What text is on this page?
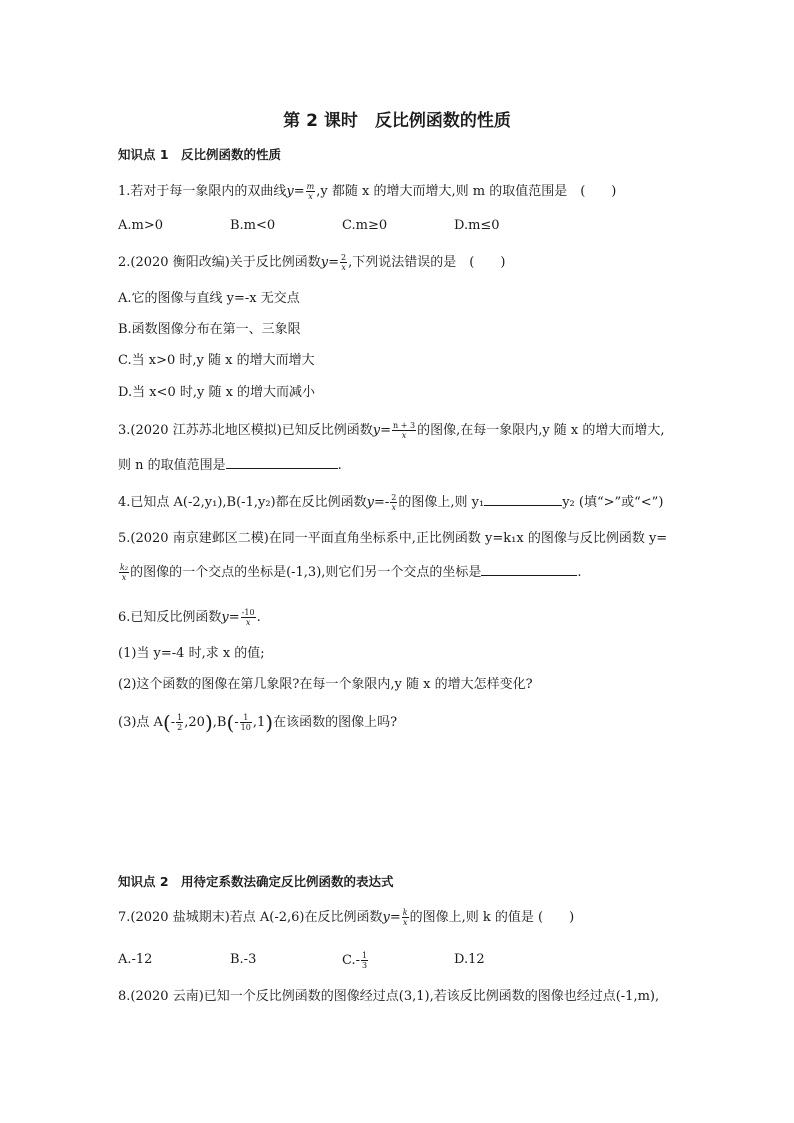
第 2 课时　反比例函数的性质
知识点 1　反比例函数的性质
1.若对于每一象限内的双曲线$y= \frac{m}{x} ,y$ 都随 x 的增大而增大,则 m 的取值范围是　(　　)
A.m>0	B.m<0	C.m≥0	D.m≤0
2.(2020 衡阳改编)关于反比例函数$y= \frac{2}{x}$ ,下列说法错误的是　(　　)
A.它的图像与直线 y=-x 无交点
B.函数图像分布在第一、三象限
C.当 x>0 时,y 随 x 的增大而增大
D.当 x<0 时,y 随 x 的增大而减小
3.(2020 江苏苏北地区模拟)已知反比例函数$y= \frac{n + 3}{x}$ 的图像,在每一象限内,y 随 x 的增大而增大,
则 n 的取值范围是	.
4.已知点 A(-2,y₁),B(-1,y₂)都在反比例函数$y=- \frac{2}{x}$ 的图像上,则 y₁	y₂ (填“>”或“<”)
5.(2020 南京建邺区二模)在同一平面直角坐标系中,正比例函数 y=k₁x 的图像与反比例函数 y=
$\frac{\text{k₂}}{x}$ 的图像的一个交点的坐标是(-1,3),则它们另一个交点的坐标是	.
6.已知反比例函数$y= \frac{-10}{x}$ .
(1)当 y=-4 时,求 x 的值;
(2)这个函数的图像在第几象限?在每一个象限内,y 随 x 的增大怎样变化?
(3)点 $A(- \frac{1}{2} ,20),B(- \frac{1}{10} ,1)$在该函数的图像上吗?
知识点 2　用待定系数法确定反比例函数的表达式
7.(2020 盐城期末)若点 A(-2,6)在反比例函数$y= \frac{k}{x}$ 的图像上,则 k 的值是 (　　)
A.-12	B.-3	$C.- \frac{1}{3}$	D.12
8.(2020 云南)已知一个反比例函数的图像经过点(3,1),若该反比例函数的图像也经过点(-1,m),
